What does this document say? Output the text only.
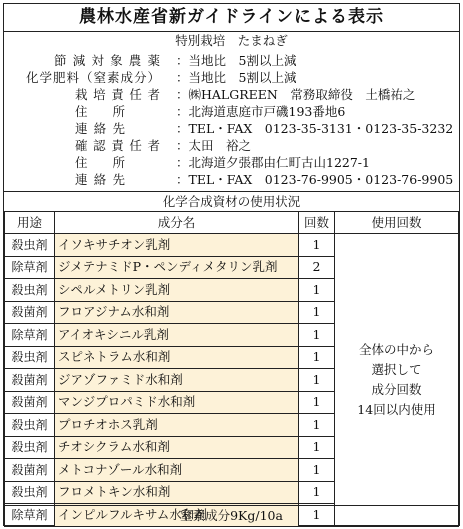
農林水産省新ガイドラインによる表示
特別栽培　たまねぎ
節減対象農薬 ：当地比　5割以上減
化学肥料（窒素成分） ：当地比　5割以上減
栽培責任者 ：㈱HALGREEN　常務取締役　土橋祐之
住所	：北海道恵庭市戸磯193番地6
連絡先	：TEL・FAX　0123-35-3131・0123-35-3232
確認責任者 ：太田　裕之
住所	：北海道夕張郡由仁町古山1227-1
連絡先	：TEL・FAX　0123-76-9905・0123-76-9905
化学合成資材の使用状況
用途	成分名	回数	使用回数
殺虫剤	イソキサチオン乳剤	1	全体の中から
選択して
成分回数
14回以内使用

除草剤	ジメテナミドP・ペンディメタリン乳剤	2	
殺虫剤	シペルメトリン乳剤	1	
殺菌剤	フロアジナム水和剤	1	
除草剤	アイオキシニル乳剤	1	
殺虫剤	スピネトラム水和剤	1	
殺菌剤	ジアゾファミド水和剤	1	
殺菌剤	マンジプロパミド水和剤	1	
殺虫剤	プロチオホス乳剤	1	
殺虫剤	チオシクラム水和剤	1	
殺菌剤	メトコナゾール水和剤	1	
殺虫剤	フロメトキン水和剤	1	
除草剤	インピルフルキサム水和剤	1	
窒素成分9Kg/10a
